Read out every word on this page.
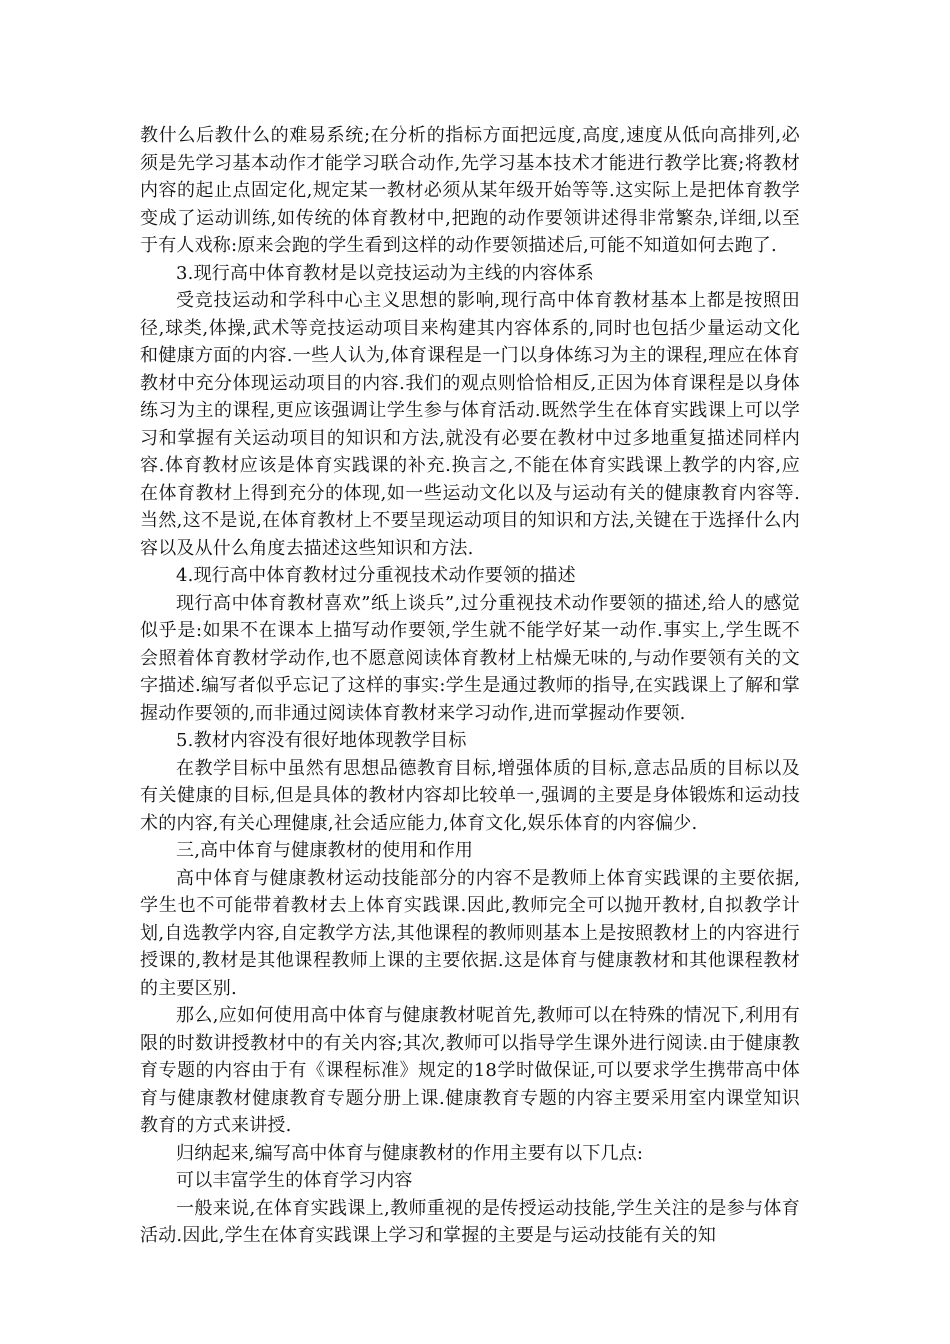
教什么后教什么的难易系统;在分析的指标方面把远度,高度,速度从低向高排列,必须是先学习基本动作才能学习联合动作,先学习基本技术才能进行教学比赛;将教材内容的起止点固定化,规定某一教材必须从某年级开始等等.这实际上是把体育教学变成了运动训练,如传统的体育教材中,把跑的动作要领讲述得非常繁杂,详细,以至于有人戏称:原来会跑的学生看到这样的动作要领描述后,可能不知道如何去跑了.

3.现行高中体育教材是以竞技运动为主线的内容体系

受竞技运动和学科中心主义思想的影响,现行高中体育教材基本上都是按照田径,球类,体操,武术等竞技运动项目来构建其内容体系的,同时也包括少量运动文化和健康方面的内容.一些人认为,体育课程是一门以身体练习为主的课程,理应在体育教材中充分体现运动项目的内容.我们的观点则恰恰相反,正因为体育课程是以身体练习为主的课程,更应该强调让学生参与体育活动.既然学生在体育实践课上可以学习和掌握有关运动项目的知识和方法,就没有必要在教材中过多地重复描述同样内容.体育教材应该是体育实践课的补充.换言之,不能在体育实践课上教学的内容,应在体育教材上得到充分的体现,如一些运动文化以及与运动有关的健康教育内容等.当然,这不是说,在体育教材上不要呈现运动项目的知识和方法,关键在于选择什么内容以及从什么角度去描述这些知识和方法.

4.现行高中体育教材过分重视技术动作要领的描述

现行高中体育教材喜欢”纸上谈兵”,过分重视技术动作要领的描述,给人的感觉似乎是:如果不在课本上描写动作要领,学生就不能学好某一动作.事实上,学生既不会照着体育教材学动作,也不愿意阅读体育教材上枯燥无味的,与动作要领有关的文字描述.编写者似乎忘记了这样的事实:学生是通过教师的指导,在实践课上了解和掌握动作要领的,而非通过阅读体育教材来学习动作,进而掌握动作要领.

5.教材内容没有很好地体现教学目标

在教学目标中虽然有思想品德教育目标,增强体质的目标,意志品质的目标以及有关健康的目标,但是具体的教材内容却比较单一,强调的主要是身体锻炼和运动技术的内容,有关心理健康,社会适应能力,体育文化,娱乐体育的内容偏少.

三,高中体育与健康教材的使用和作用

高中体育与健康教材运动技能部分的内容不是教师上体育实践课的主要依据,学生也不可能带着教材去上体育实践课.因此,教师完全可以抛开教材,自拟教学计划,自选教学内容,自定教学方法,其他课程的教师则基本上是按照教材上的内容进行授课的,教材是其他课程教师上课的主要依据.这是体育与健康教材和其他课程教材的主要区别.

那么,应如何使用高中体育与健康教材呢首先,教师可以在特殊的情况下,利用有限的时数讲授教材中的有关内容;其次,教师可以指导学生课外进行阅读.由于健康教育专题的内容由于有《课程标准》规定的18学时做保证,可以要求学生携带高中体育与健康教材健康教育专题分册上课.健康教育专题的内容主要采用室内课堂知识教育的方式来讲授.

归纳起来,编写高中体育与健康教材的作用主要有以下几点:

可以丰富学生的体育学习内容

一般来说,在体育实践课上,教师重视的是传授运动技能,学生关注的是参与体育活动.因此,学生在体育实践课上学习和掌握的主要是与运动技能有关的知
